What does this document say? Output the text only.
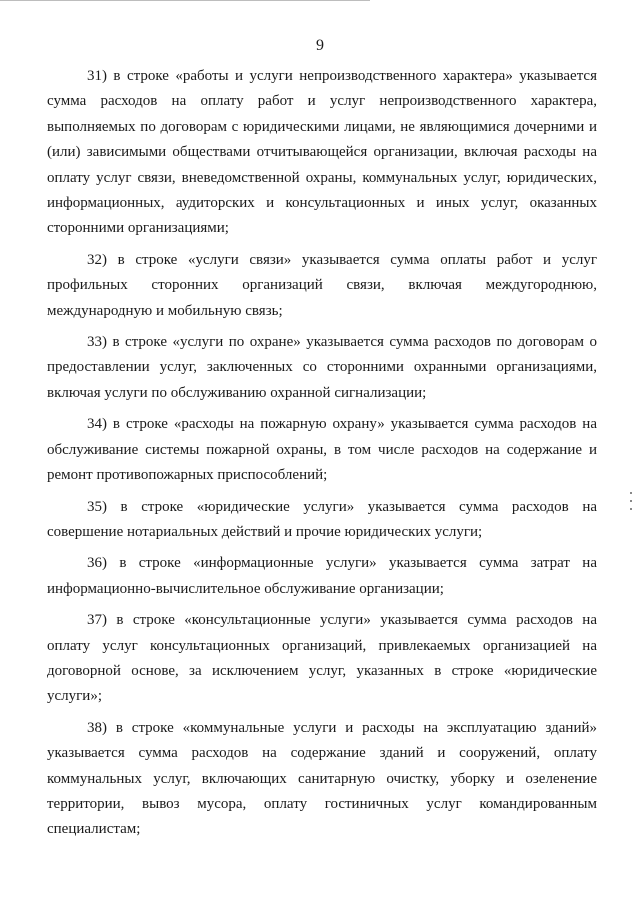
9

31) в строке «работы и услуги непроизводственного характера» указывается сумма расходов на оплату работ и услуг непроизводственного характера, выполняемых по договорам с юридическими лицами, не являющимися дочерними и (или) зависимыми обществами отчитывающейся организации, включая расходы на оплату услуг связи, вневедомственной охраны, коммунальных услуг, юридических, информационных, аудиторских и консультационных и иных услуг, оказанных сторонними организациями;

32) в строке «услуги связи» указывается сумма оплаты работ и услуг профильных сторонних организаций связи, включая междугороднюю, международную и мобильную связь;

33) в строке «услуги по охране» указывается сумма расходов по договорам о предоставлении услуг, заключенных со сторонними охранными организациями, включая услуги по обслуживанию охранной сигнализации;

34) в строке «расходы на пожарную охрану» указывается сумма расходов на обслуживание системы пожарной охраны, в том числе расходов на содержание и ремонт противопожарных приспособлений;

35) в строке «юридические услуги» указывается сумма расходов на совершение нотариальных действий и прочие юридических услуги;

36) в строке «информационные услуги» указывается сумма затрат на информационно-вычислительное обслуживание организации;

37) в строке «консультационные услуги» указывается сумма расходов на оплату услуг консультационных организаций, привлекаемых организацией на договорной основе, за исключением услуг, указанных в строке «юридические услуги»;

38) в строке «коммунальные услуги и расходы на эксплуатацию зданий» указывается сумма расходов на содержание зданий и сооружений, оплату коммунальных услуг, включающих санитарную очистку, уборку и озеленение территории, вывоз мусора, оплату гостиничных услуг командированным специалистам;
